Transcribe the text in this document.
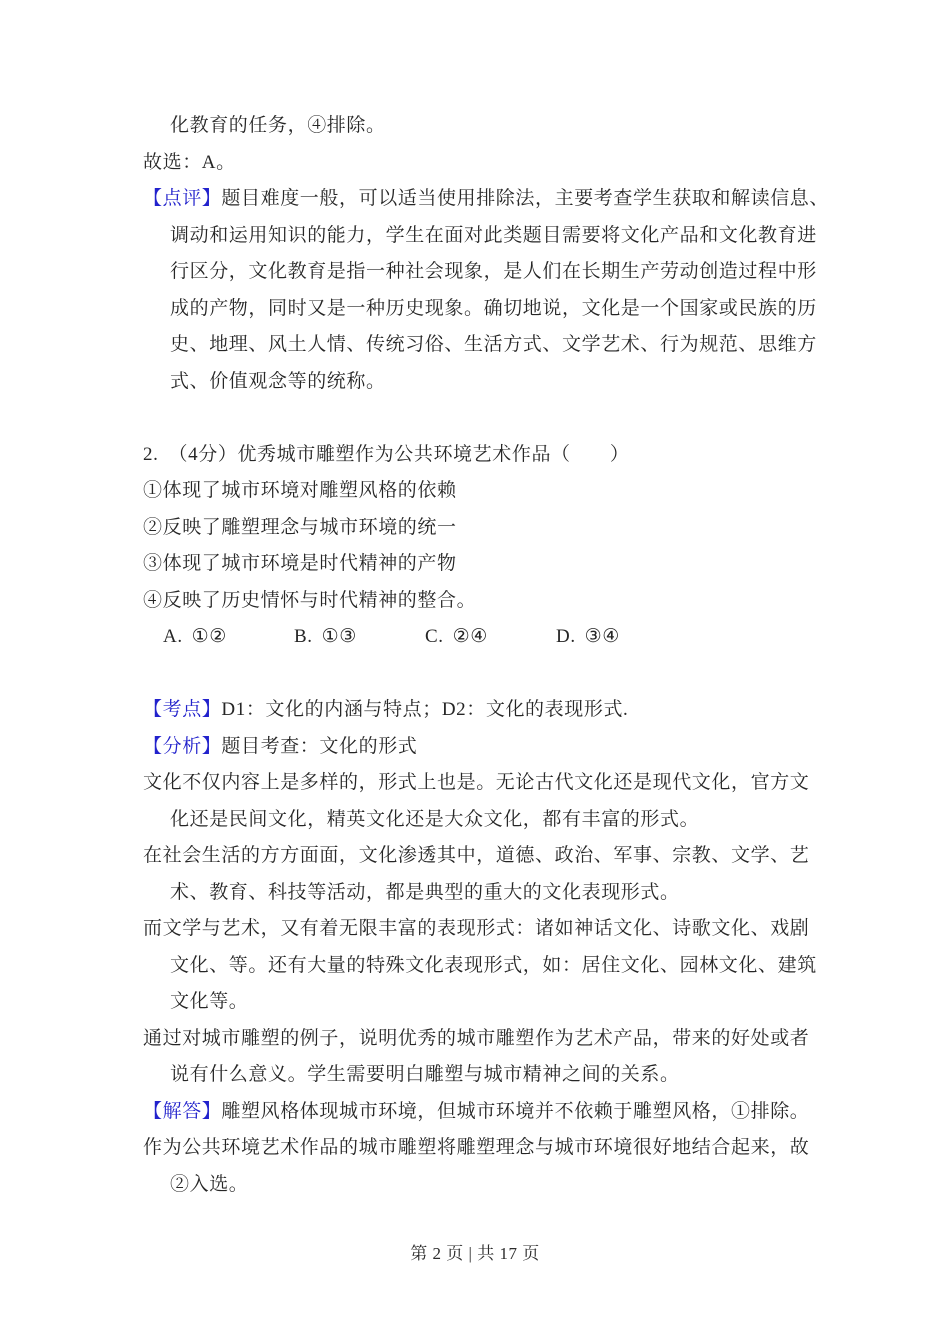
化教育的任务，④排除。
故选：A。
【点评】题目难度一般，可以适当使用排除法，主要考查学生获取和解读信息、
调动和运用知识的能力，学生在面对此类题目需要将文化产品和文化教育进
行区分，文化教育是指一种社会现象，是人们在长期生产劳动创造过程中形
成的产物，同时又是一种历史现象。确切地说，文化是一个国家或民族的历
史、地理、风土人情、传统习俗、生活方式、文学艺术、行为规范、思维方
式、价值观念等的统称。
2.　（4分）优秀城市雕塑作为公共环境艺术作品（　　）
①体现了城市环境对雕塑风格的依赖
②反映了雕塑理念与城市环境的统一
③体现了城市环境是时代精神的产物
④反映了历史情怀与时代精神的整合。
A. ①②	B. ①③	C. ②④	D. ③④
【考点】D1：文化的内涵与特点；D2：文化的表现形式.
【分析】题目考查：文化的形式
文化不仅内容上是多样的，形式上也是。无论古代文化还是现代文化，官方文
化还是民间文化，精英文化还是大众文化，都有丰富的形式。
在社会生活的方方面面，文化渗透其中，道德、政治、军事、宗教、文学、艺
术、教育、科技等活动，都是典型的重大的文化表现形式。
而文学与艺术，又有着无限丰富的表现形式：诸如神话文化、诗歌文化、戏剧
文化、等。还有大量的特殊文化表现形式，如：居住文化、园林文化、建筑
文化等。
通过对城市雕塑的例子，说明优秀的城市雕塑作为艺术产品，带来的好处或者
说有什么意义。学生需要明白雕塑与城市精神之间的关系。
【解答】雕塑风格体现城市环境，但城市环境并不依赖于雕塑风格，①排除。
作为公共环境艺术作品的城市雕塑将雕塑理念与城市环境很好地结合起来，故
②入选。
第 2 页 | 共 17 页
